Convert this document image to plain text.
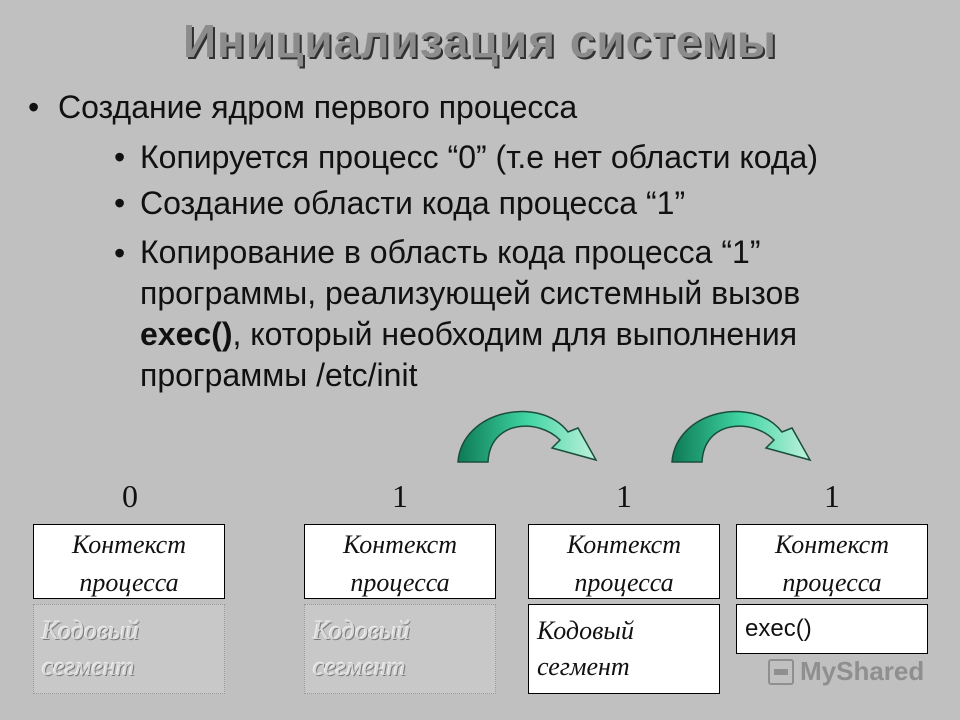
Инициализация системы
• Создание ядром первого процесса
• Копируется процесс “0” (т.е нет области кода)
• Создание области кода процесса “1”
• Копирование в область кода процесса “1”
программы, реализующей системный вызов
exec(), который необходим для выполнения
программы /etc/init
0	1	1	1
Контекст
процесса
Контекст
процесса
Контекст
процесса
Контекст
процесса
Кодовый
сегмент
Кодовый
сегмент
Кодовый
сегмент
exec()
MyShared
